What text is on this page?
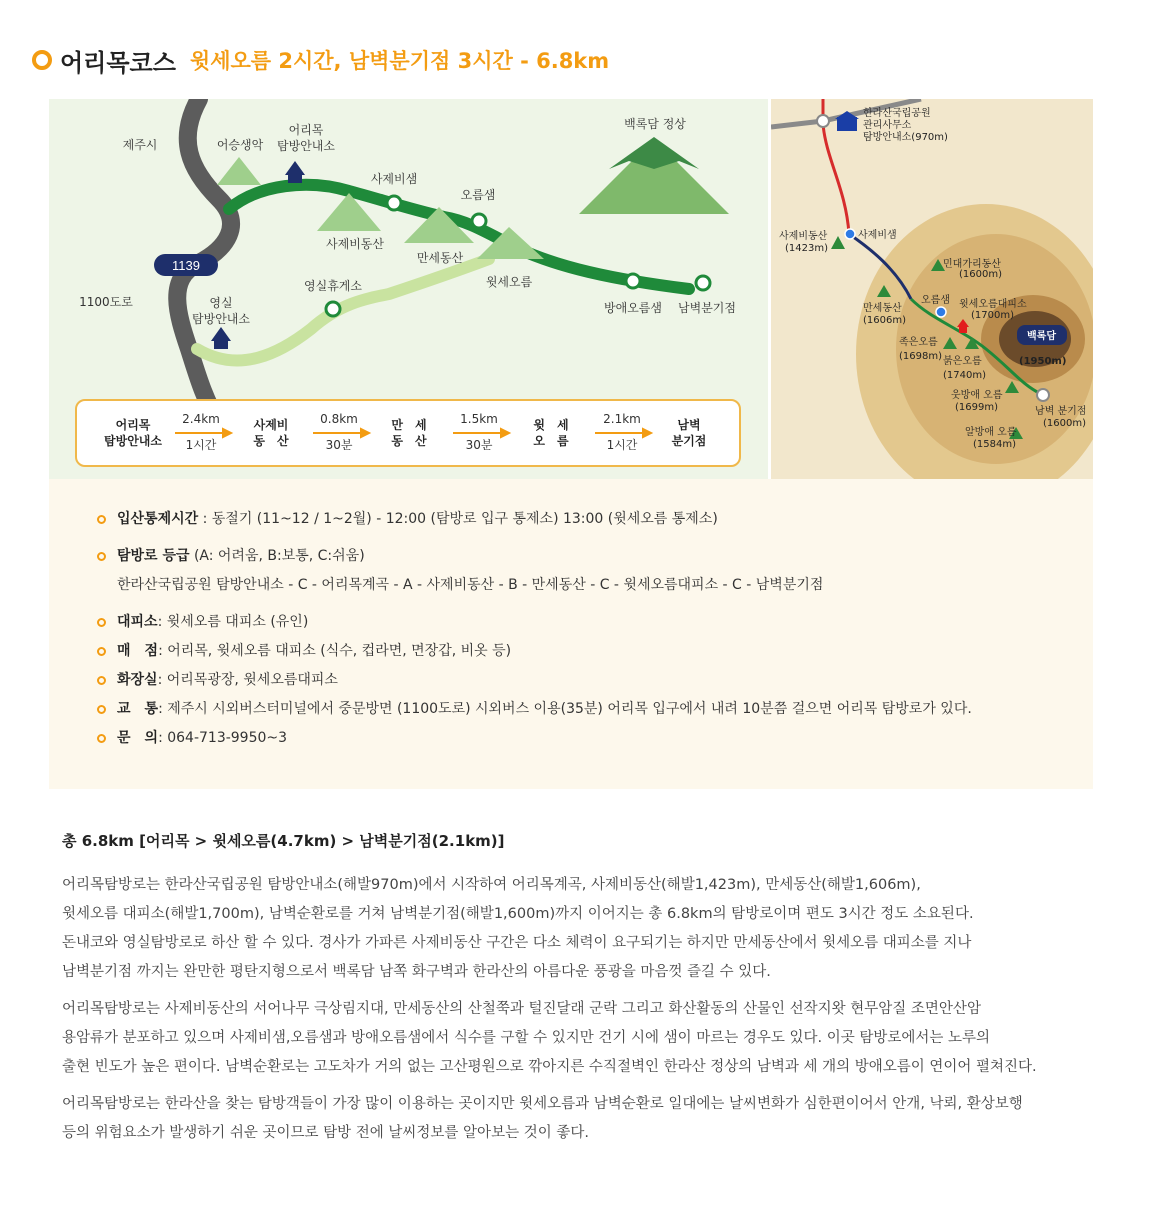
어리목코스 윗세오름 2시간, 남벽분기점 3시간 - 6.8km
1139
제주시	어승생악
어리목
탐방안내소
사제비샘
오름샘
백록담 정상
사제비동산
만세동산
윗세오름
영실휴게소
1100도로	영실
탐방안내소
방애오름샘 남벽분기점
어리목
탐방안내소
사제비
동　산
만　세
동　산
윗　세
오　름
남벽
분기점
2.4km
1시간
0.8km
30분
1.5km
30분
2.1km
1시간
한라산국립공원
관리사무소
탐방안내소(970m)
사제비동산
(1423m)
사제비샘
민대가리동산
(1600m)
만세동산
(1606m)
오름샘 윗세오름대피소
(1700m)
백록담
(1950m)
족은오름
(1698m) 붉은오름
(1740m)
웃방애 오름
(1699m)	남벽 분기점
(1600m)
알방애 오름
(1584m)
입산통제시간 : 동절기 (11~12 / 1~2월) - 12:00 (탐방로 입구 통제소) 13:00 (윗세오름 통제소)
탐방로 등급 (A: 어려움, B:보통, C:쉬움)
한라산국립공원 탐방안내소 - C - 어리목계곡 - A - 사제비동산 - B - 만세동산 - C - 윗세오름대피소 - C - 남벽분기점
대피소: 윗세오름 대피소 (유인)
매　점: 어리목, 윗세오름 대피소 (식수, 컵라면, 면장갑, 비옷 등)
화장실: 어리목광장, 윗세오름대피소
교　통: 제주시 시외버스터미널에서 중문방면 (1100도로) 시외버스 이용(35분) 어리목 입구에서 내려 10분쯤 걸으면 어리목 탐방로가 있다.
문　의: 064-713-9950~3

총 6.8km [어리목 > 윗세오름(4.7km) > 남벽분기점(2.1km)]

어리목탐방로는 한라산국립공원 탐방안내소(해발970m)에서 시작하여 어리목계곡, 사제비동산(해발1,423m), 만세동산(해발1,606m),
윗세오름 대피소(해발1,700m), 남벽순환로를 거쳐 남벽분기점(해발1,600m)까지 이어지는 총 6.8km의 탐방로이며 편도 3시간 정도 소요된다.
돈내코와 영실탐방로로 하산 할 수 있다. 경사가 가파른 사제비동산 구간은 다소 체력이 요구되기는 하지만 만세동산에서 윗세오름 대피소를 지나
남벽분기점 까지는 완만한 평탄지형으로서 백록담 남쪽 화구벽과 한라산의 아름다운 풍광을 마음껏 즐길 수 있다.

어리목탐방로는 사제비동산의 서어나무 극상림지대, 만세동산의 산철쭉과 털진달래 군락 그리고 화산활동의 산물인 선작지왓 현무암질 조면안산암
용암류가 분포하고 있으며 사제비샘,오름샘과 방애오름샘에서 식수를 구할 수 있지만 건기 시에 샘이 마르는 경우도 있다. 이곳 탐방로에서는 노루의
출현 빈도가 높은 편이다. 남벽순환로는 고도차가 거의 없는 고산평원으로 깎아지른 수직절벽인 한라산 정상의 남벽과 세 개의 방애오름이 연이어 펼쳐진다.

어리목탐방로는 한라산을 찾는 탐방객들이 가장 많이 이용하는 곳이지만 윗세오름과 남벽순환로 일대에는 날씨변화가 심한편이어서 안개, 낙뢰, 환상보행
등의 위험요소가 발생하기 쉬운 곳이므로 탐방 전에 날씨정보를 알아보는 것이 좋다.
